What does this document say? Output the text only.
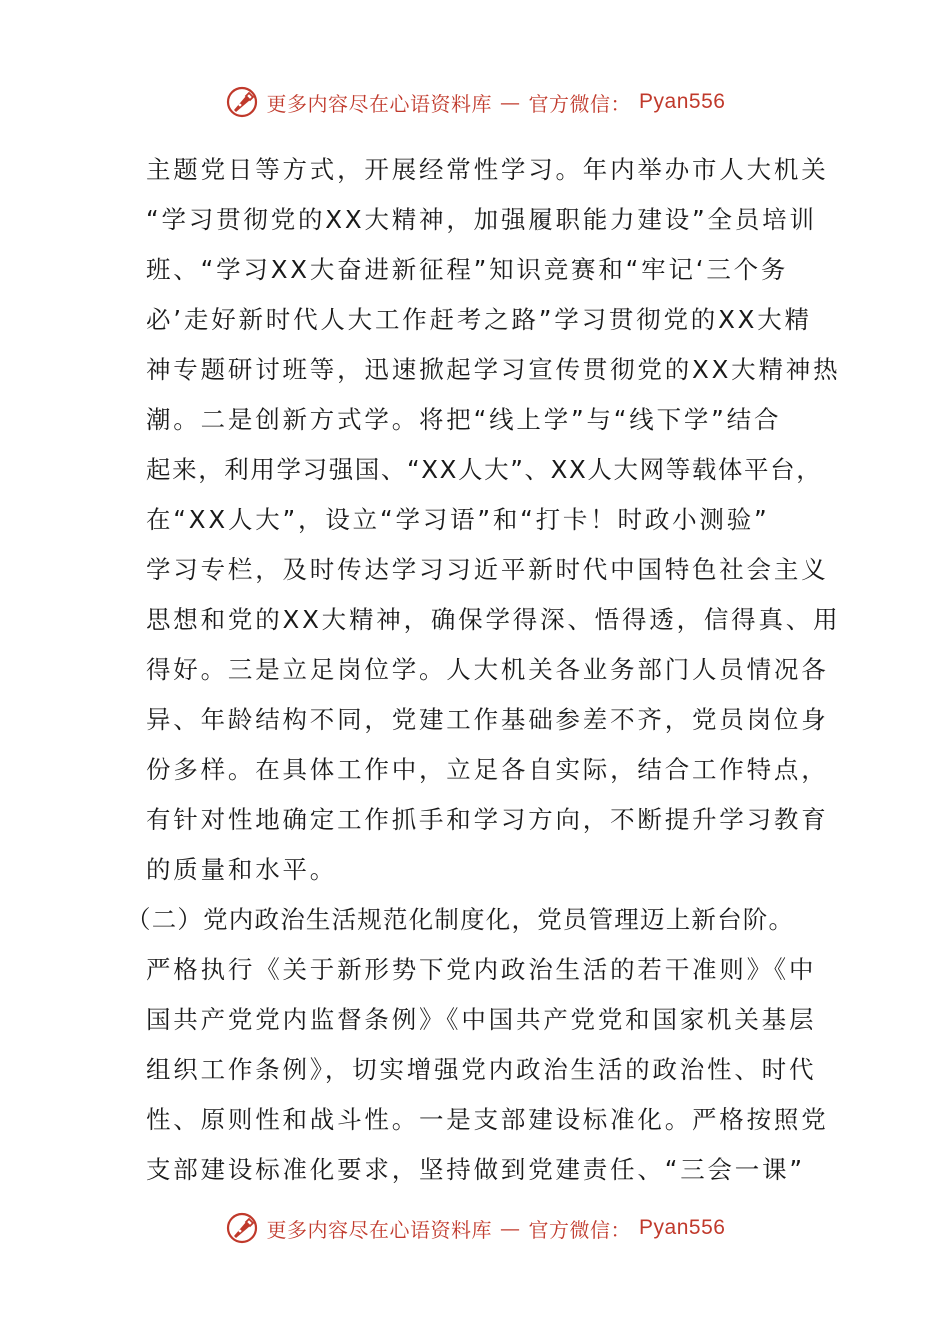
更多内容尽在心语资料库 — 官方微信： Pyan556
主题党日等方式，开展经常性学习。年内举办市人大机关
“学习贯彻党的XX大精神，加强履职能力建设”全员培训
班、“学习XX大奋进新征程”知识竞赛和“牢记‘三个务
必’走好新时代人大工作赶考之路”学习贯彻党的XX大精
神专题研讨班等，迅速掀起学习宣传贯彻党的XX大精神热
潮。二是创新方式学。将把“线上学”与“线下学”结合
起来，利用学习强国、“XX人大”、XX人大网等载体平台，
在“XX人大”，设立“学习语”和“打卡！时政小测验”
学习专栏，及时传达学习习近平新时代中国特色社会主义
思想和党的XX大精神，确保学得深、悟得透，信得真、用
得好。三是立足岗位学。人大机关各业务部门人员情况各
异、年龄结构不同，党建工作基础参差不齐，党员岗位身
份多样。在具体工作中，立足各自实际，结合工作特点，
有针对性地确定工作抓手和学习方向，不断提升学习教育
的质量和水平。
（二）党内政治生活规范化制度化，党员管理迈上新台阶。
严格执行《关于新形势下党内政治生活的若干准则》《中
国共产党党内监督条例》《中国共产党党和国家机关基层
组织工作条例》，切实增强党内政治生活的政治性、时代
性、原则性和战斗性。一是支部建设标准化。严格按照党
支部建设标准化要求，坚持做到党建责任、“三会一课”
更多内容尽在心语资料库 — 官方微信： Pyan556
